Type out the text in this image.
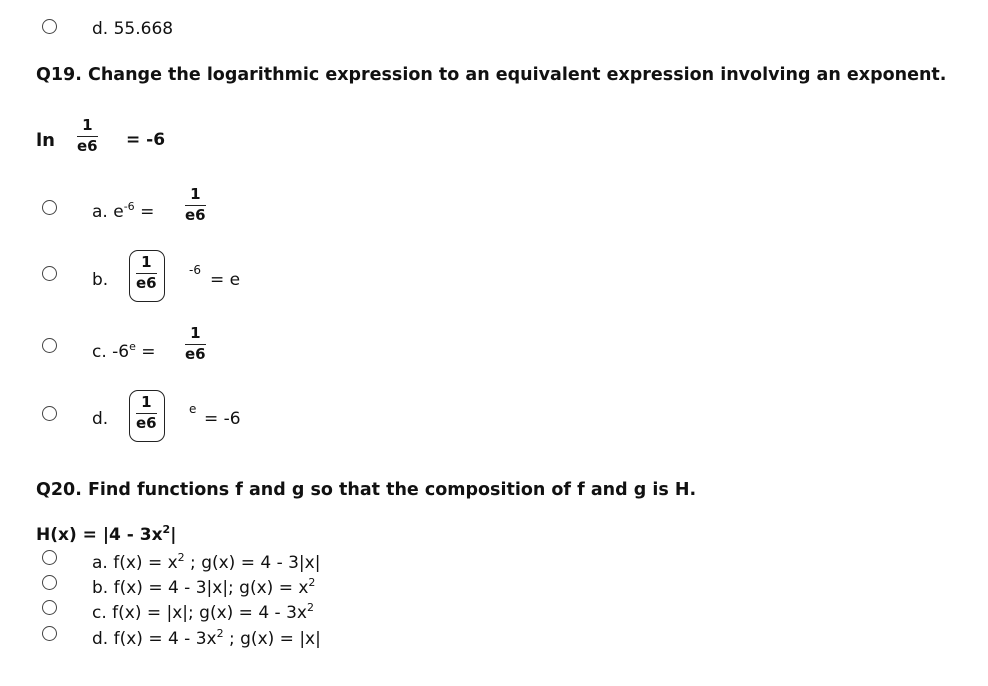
d. 55.668
Q19. Change the logarithmic expression to an equivalent expression involving an exponent.
ln
1
e6 = -6
a. $e^{-6}$ =
1
e6
b.
1
e6
-6 = e
c. $-6^e$ =
1
e6
d.
1
e6
e = -6
Q20. Find functions f and g so that the composition of f and g is H.
$H(x) = |4 - 3x^2|$
a. $f(x) = x^2$ ; g(x) = 4 - 3|x|
b. f(x) = 4 - 3|x|; $g(x) = x^2$
c. f(x) = |x|; $g(x) = 4 - 3x^2$
d. $f(x) = 4 - 3x^2$ ; g(x) = |x|
